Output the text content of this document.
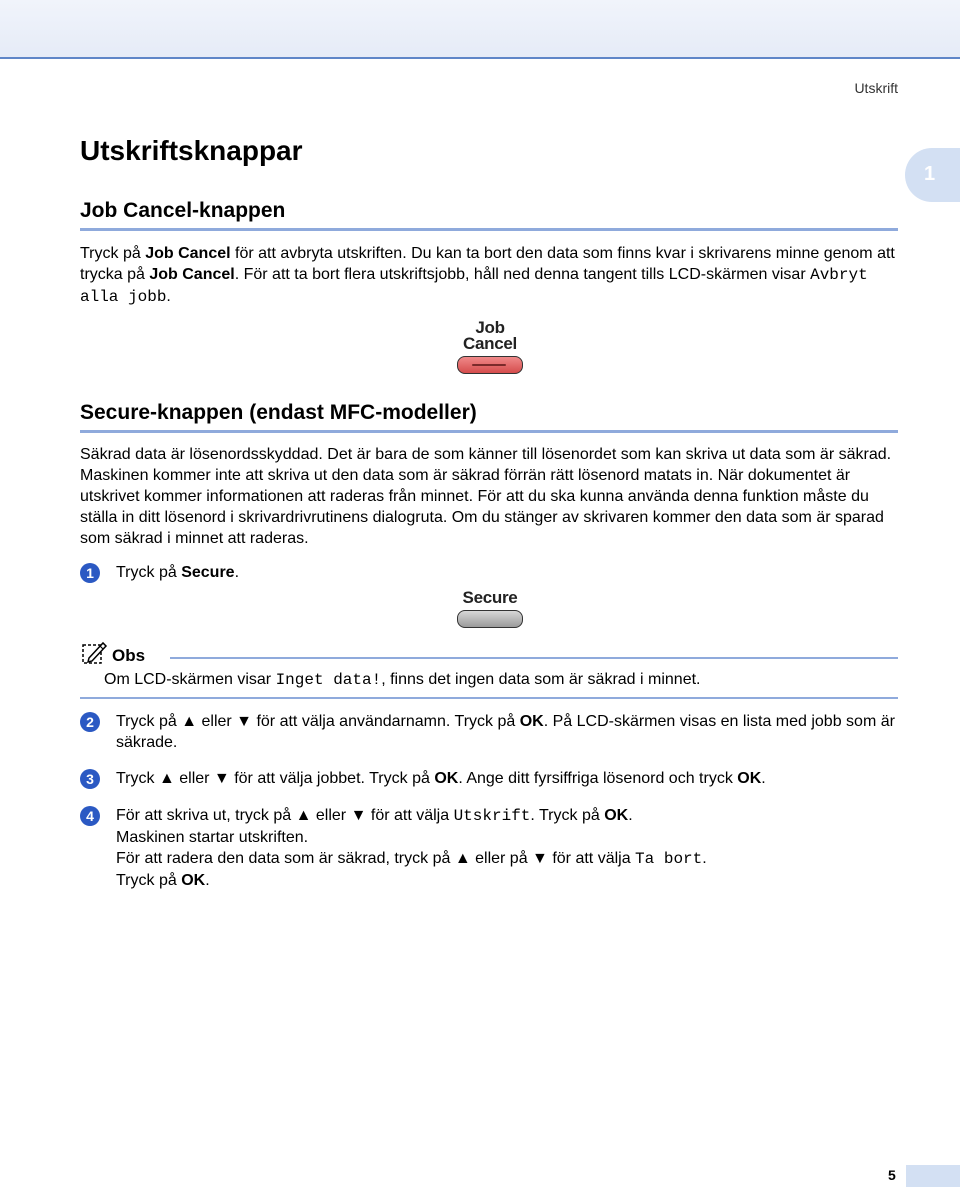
Utskrift
1
Utskriftsknappar
Job Cancel-knappen
Tryck på Job Cancel för att avbryta utskriften. Du kan ta bort den data som finns kvar i skrivarens minne genom att trycka på Job Cancel. För att ta bort flera utskriftsjobb, håll ned denna tangent tills LCD-skärmen visar Avbryt alla jobb.
Job
Cancel
Secure-knappen (endast MFC-modeller)
Säkrad data är lösenordsskyddad. Det är bara de som känner till lösenordet som kan skriva ut data som är säkrad. Maskinen kommer inte att skriva ut den data som är säkrad förrän rätt lösenord matats in. När dokumentet är utskrivet kommer informationen att raderas från minnet. För att du ska kunna använda denna funktion måste du ställa in ditt lösenord i skrivardrivrutinens dialogruta. Om du stänger av skrivaren kommer den data som är sparad som säkrad i minnet att raderas.
1	Tryck på Secure.
Secure
Obs
Om LCD-skärmen visar Inget data!, finns det ingen data som är säkrad i minnet.
2	Tryck på ▲ eller ▼ för att välja användarnamn. Tryck på OK. På LCD-skärmen visas en lista med jobb som är säkrade.
3	Tryck ▲ eller ▼ för att välja jobbet. Tryck på OK. Ange ditt fyrsiffriga lösenord och tryck OK.
4	För att skriva ut, tryck på ▲ eller ▼ för att välja Utskrift. Tryck på OK.
Maskinen startar utskriften.
För att radera den data som är säkrad, tryck på ▲ eller på ▼ för att välja Ta bort.
Tryck på OK.
5
